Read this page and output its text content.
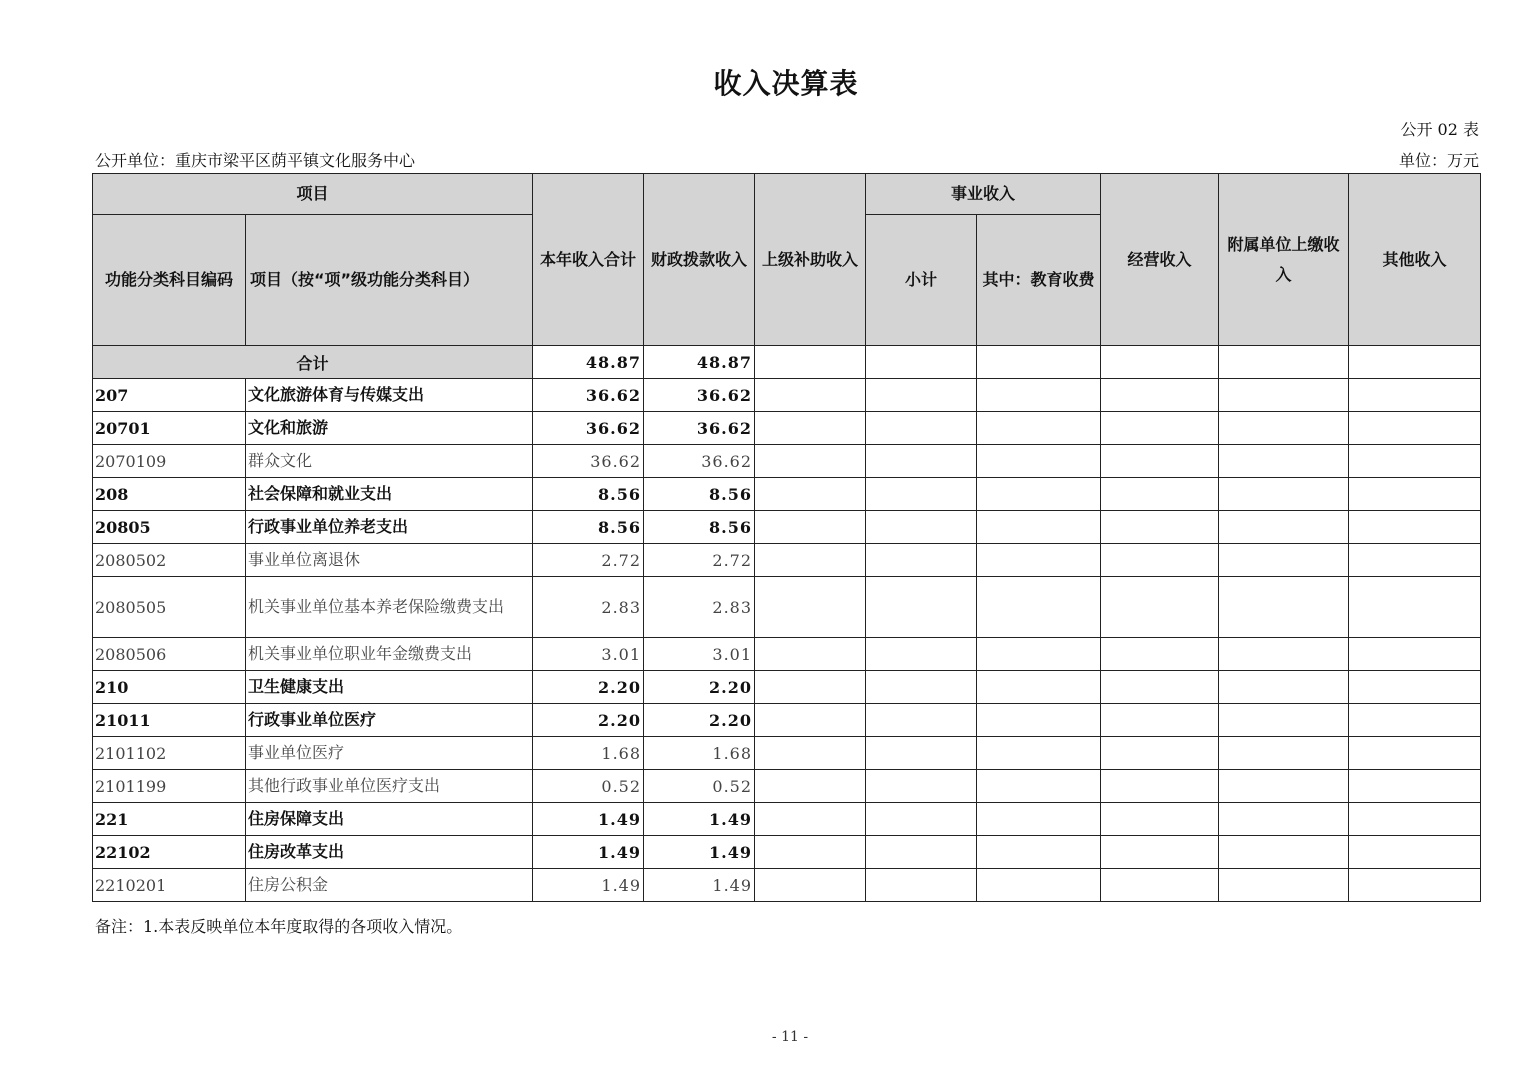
收入决算表
公开 02 表
公开单位：重庆市梁平区荫平镇文化服务中心	单位：万元
项目		本年收入合计	财政拨款收入	上级补助收入	事业收入		经营收入	附属单位上缴收入	其他收入
功能分类科目编码	项目（按“项”级功能分类科目）				小计	其中：教育收费			
合计		48.87	48.87						
207	文化旅游体育与传媒支出	36.62	36.62						
20701	文化和旅游	36.62	36.62						
2070109	群众文化	36.62	36.62						
208	社会保障和就业支出	8.56	8.56						
20805	行政事业单位养老支出	8.56	8.56						
2080502	事业单位离退休	2.72	2.72						
2080505	机关事业单位基本养老保险缴费支出	2.83	2.83						
2080506	机关事业单位职业年金缴费支出	3.01	3.01						
210	卫生健康支出	2.20	2.20						
21011	行政事业单位医疗	2.20	2.20						
2101102	事业单位医疗	1.68	1.68						
2101199	其他行政事业单位医疗支出	0.52	0.52						
221	住房保障支出	1.49	1.49						
22102	住房改革支出	1.49	1.49						
2210201	住房公积金	1.49	1.49						
备注：1.本表反映单位本年度取得的各项收入情况。
- 11 -
